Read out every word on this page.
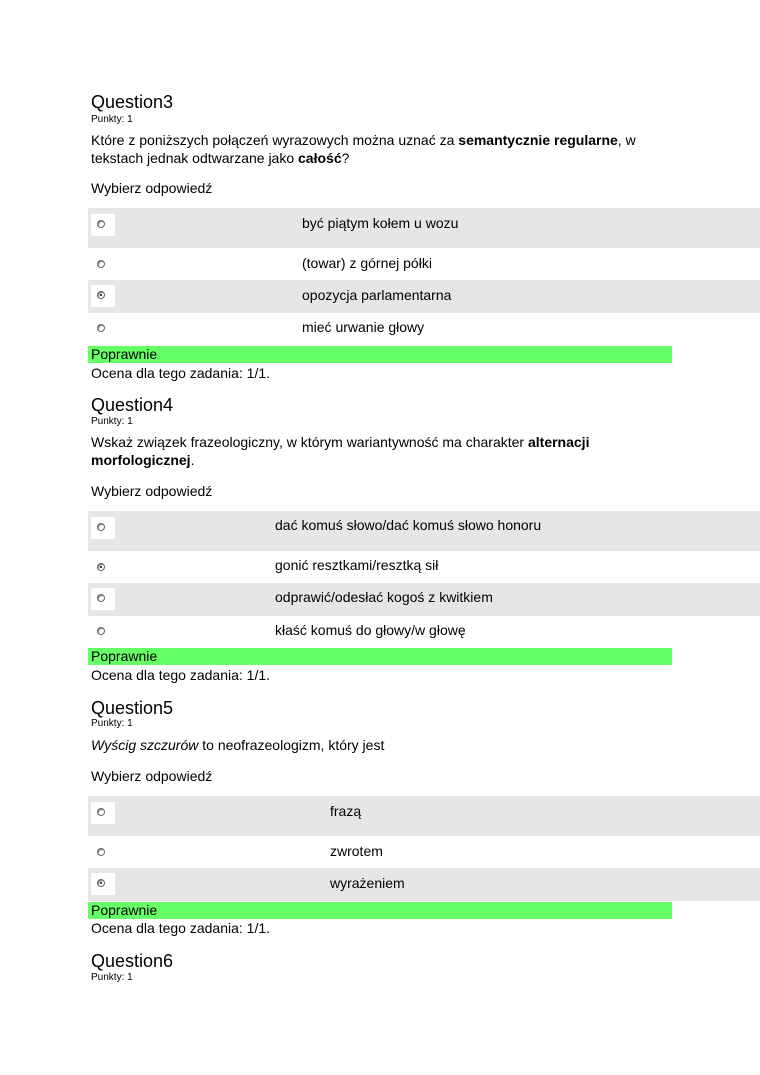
Question3
Punkty: 1
Które z poniższych połączeń wyrazowych można uznać za semantycznie regularne, w tekstach jednak odtwarzane jako całość?
Wybierz odpowiedź
być piątym kołem u wozu
(towar) z górnej półki
opozycja parlamentarna
mieć urwanie głowy
Poprawnie
Ocena dla tego zadania: 1/1.
Question4
Punkty: 1
Wskaż związek frazeologiczny, w którym wariantywność ma charakter alternacji morfologicznej.
Wybierz odpowiedź
dać komuś słowo/dać komuś słowo honoru
gonić resztkami/resztką sił
odprawić/odesłać kogoś z kwitkiem
kłaść komuś do głowy/w głowę
Poprawnie
Ocena dla tego zadania: 1/1.
Question5
Punkty: 1
Wyścig szczurów to neofrazeologizm, który jest
Wybierz odpowiedź
frazą
zwrotem
wyrażeniem
Poprawnie
Ocena dla tego zadania: 1/1.
Question6
Punkty: 1
